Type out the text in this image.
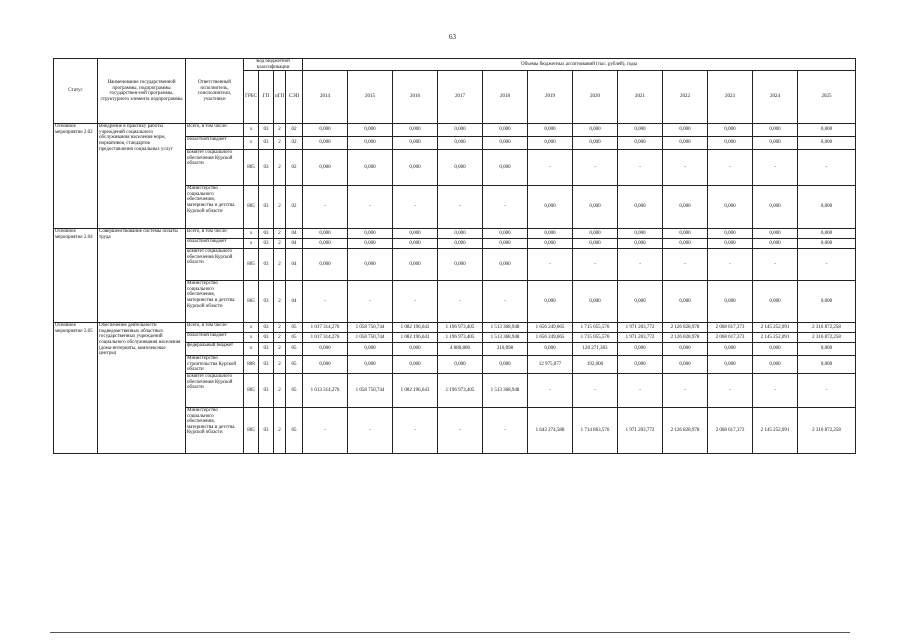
63
Статус	Наименование государственной программы, подпрограммы государствен-ной программы, структурного элемента подпрограммы	Ответственный исполнитель, соисполнители, участники	Код бюджетной классификации				Объемы бюджетных ассигнований (тыс. рублей), годы											
			ГРБС	ГП	пГП	СЭП	2014	2015	2016	2017	2018	2019	2020	2021	2022	2023	2024	2025
Основное мероприятие 2.02	Внедрение в практику работы учреждений социального обслуживания населения норм, нормативов, стандартов предоставления социальных услуг	Всего, в том числе:	х	03	2	02	0,000	0,000	0,000	0,000	0,000	0,000	0,000	0,000	0,000	0,000	0,000	0,000
		областной бюджет	х	03	2	02	0,000	0,000	0,000	0,000	0,000	0,000	0,000	0,000	0,000	0,000	0,000	0,000
		комитет социального обеспечения Курской области	805	03	2	02	0,000	0,000	0,000	0,000	0,000	-	-	-	-	-	-	-
		Министерство социального обеспечения, материнства и детства Курской области	805	03	2	02	-	-	-	-	-	0,000	0,000	0,000	0,000	0,000	0,000	0,000
Основное мероприятие 2.04	Совершенствование системы оплаты труда	Всего, в том числе:	х	03	2	04	0,000	0,000	0,000	0,000	0,000	0,000	0,000	0,000	0,000	0,000	0,000	0,000
		областной бюджет	х	03	2	04	0,000	0,000	0,000	0,000	0,000	0,000	0,000	0,000	0,000	0,000	0,000	0,000
		комитет социального обеспечения Курской области	805	03	2	04	0,000	0,000	0,000	0,000	0,000	-	-	-	-	-	-	-
		Министерство социального обеспечения, материнства и детства Курской области	805	03	2	04	-	-	-	-	-	0,000	0,000	0,000	0,000	0,000	0,000	0,000
Основное мероприятие 2.05	Обеспечение деятельности подведомственных областных государственных учреждений социального обслуживания населения (дома-интернаты, комплексные центры)	Всего, в том числе:	х	03	2	05	1 017 314,276	1 058 750,744	1 082 196,643	1 196 973,405	1 513 368,948	1 656 249,665	1 715 055,576	1 971 203,772	2 126 828,978	2 068 617,373	2 145 252,091	2 316 872,258
		областной бюджет	х	03	2	05	1 017 314,276	1 058 750,744	1 082 196,643	1 196 973,405	1 513 368,948	1 656 249,665	1 715 055,576	1 971 203,772	2 126 828,978	2 068 617,373	2 145 252,091	2 316 872,258
		федеральный бюджет	х	03	2	05	0,000	0,000	0,000	4 080,800	310,098	0,000	120 271,383	0,000	0,000	0,000	0,000	0,000
		Министерство строительства Курской области	808	03	2	05	0,000	0,000	0,000	0,000	0,000	12 975,077	192,000	0,000	0,000	0,000	0,000	0,000
		комитет социального обеспечения Курской области	805	03	2	05	1 013 314,276	1 058 750,744	1 082 196,643	1 196 973,405	1 513 368,948	-	-	-	-	-	-	-
		Министерство социального обеспечения, материнства и детства Курской области	805	03	2	05	-	-	-	-	-	1 643 274,588	1 714 863,576	1 971 203,772	2 126 828,978	2 068 617,373	2 145 252,091	2 316 872,258
